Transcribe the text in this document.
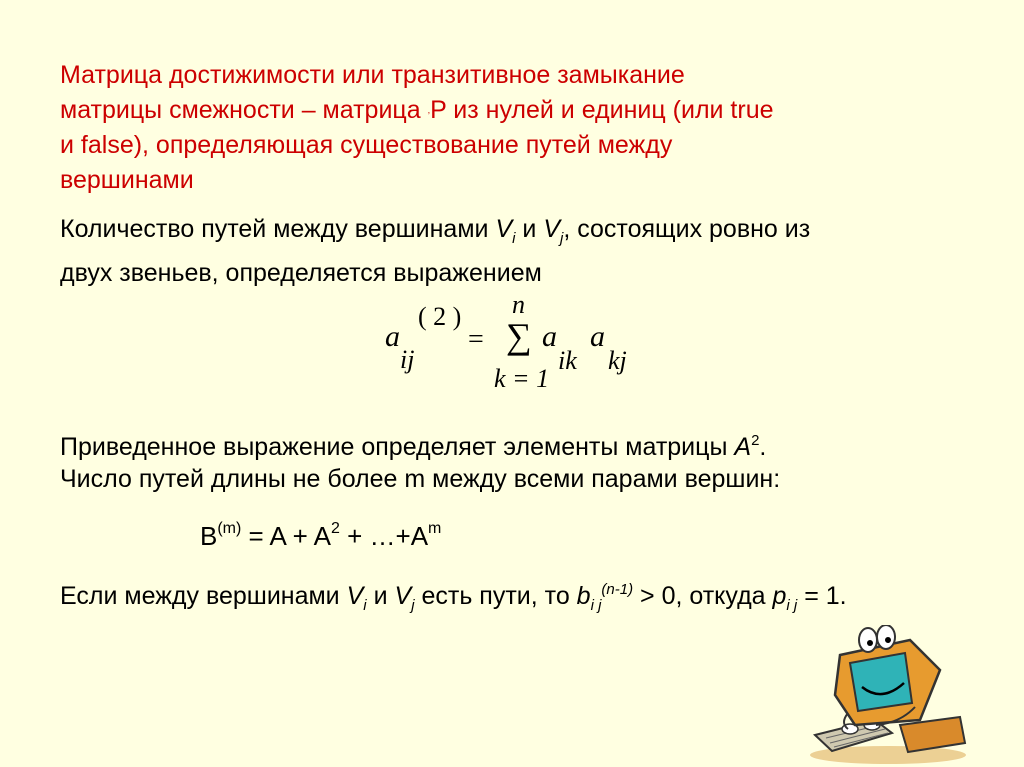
Матрица достижимости или транзитивное замыкание
матрицы смежности – матрица ,P из нулей и единиц (или true
и false), определяющая существование путей между
вершинами
Количество путей между вершинами $V_i$ и $V_j$, состоящих ровно из
двух звеньев, определяется выражением
a
ij
( 2 )
=
n
∑
k = 1
a
ik
a
kj
Приведенное выражение определяет элементы матрицы $A^2$.
Число путей длины не более m между всеми парами вершин:
$B^{(m)} = A + A^2$ + $\dots+A^m$
Если между вершинами $V_i$ и $V_j$ есть пути, то $b_{i j}^{(n-1)} > 0$, откуда $p_{i j} = 1$.
